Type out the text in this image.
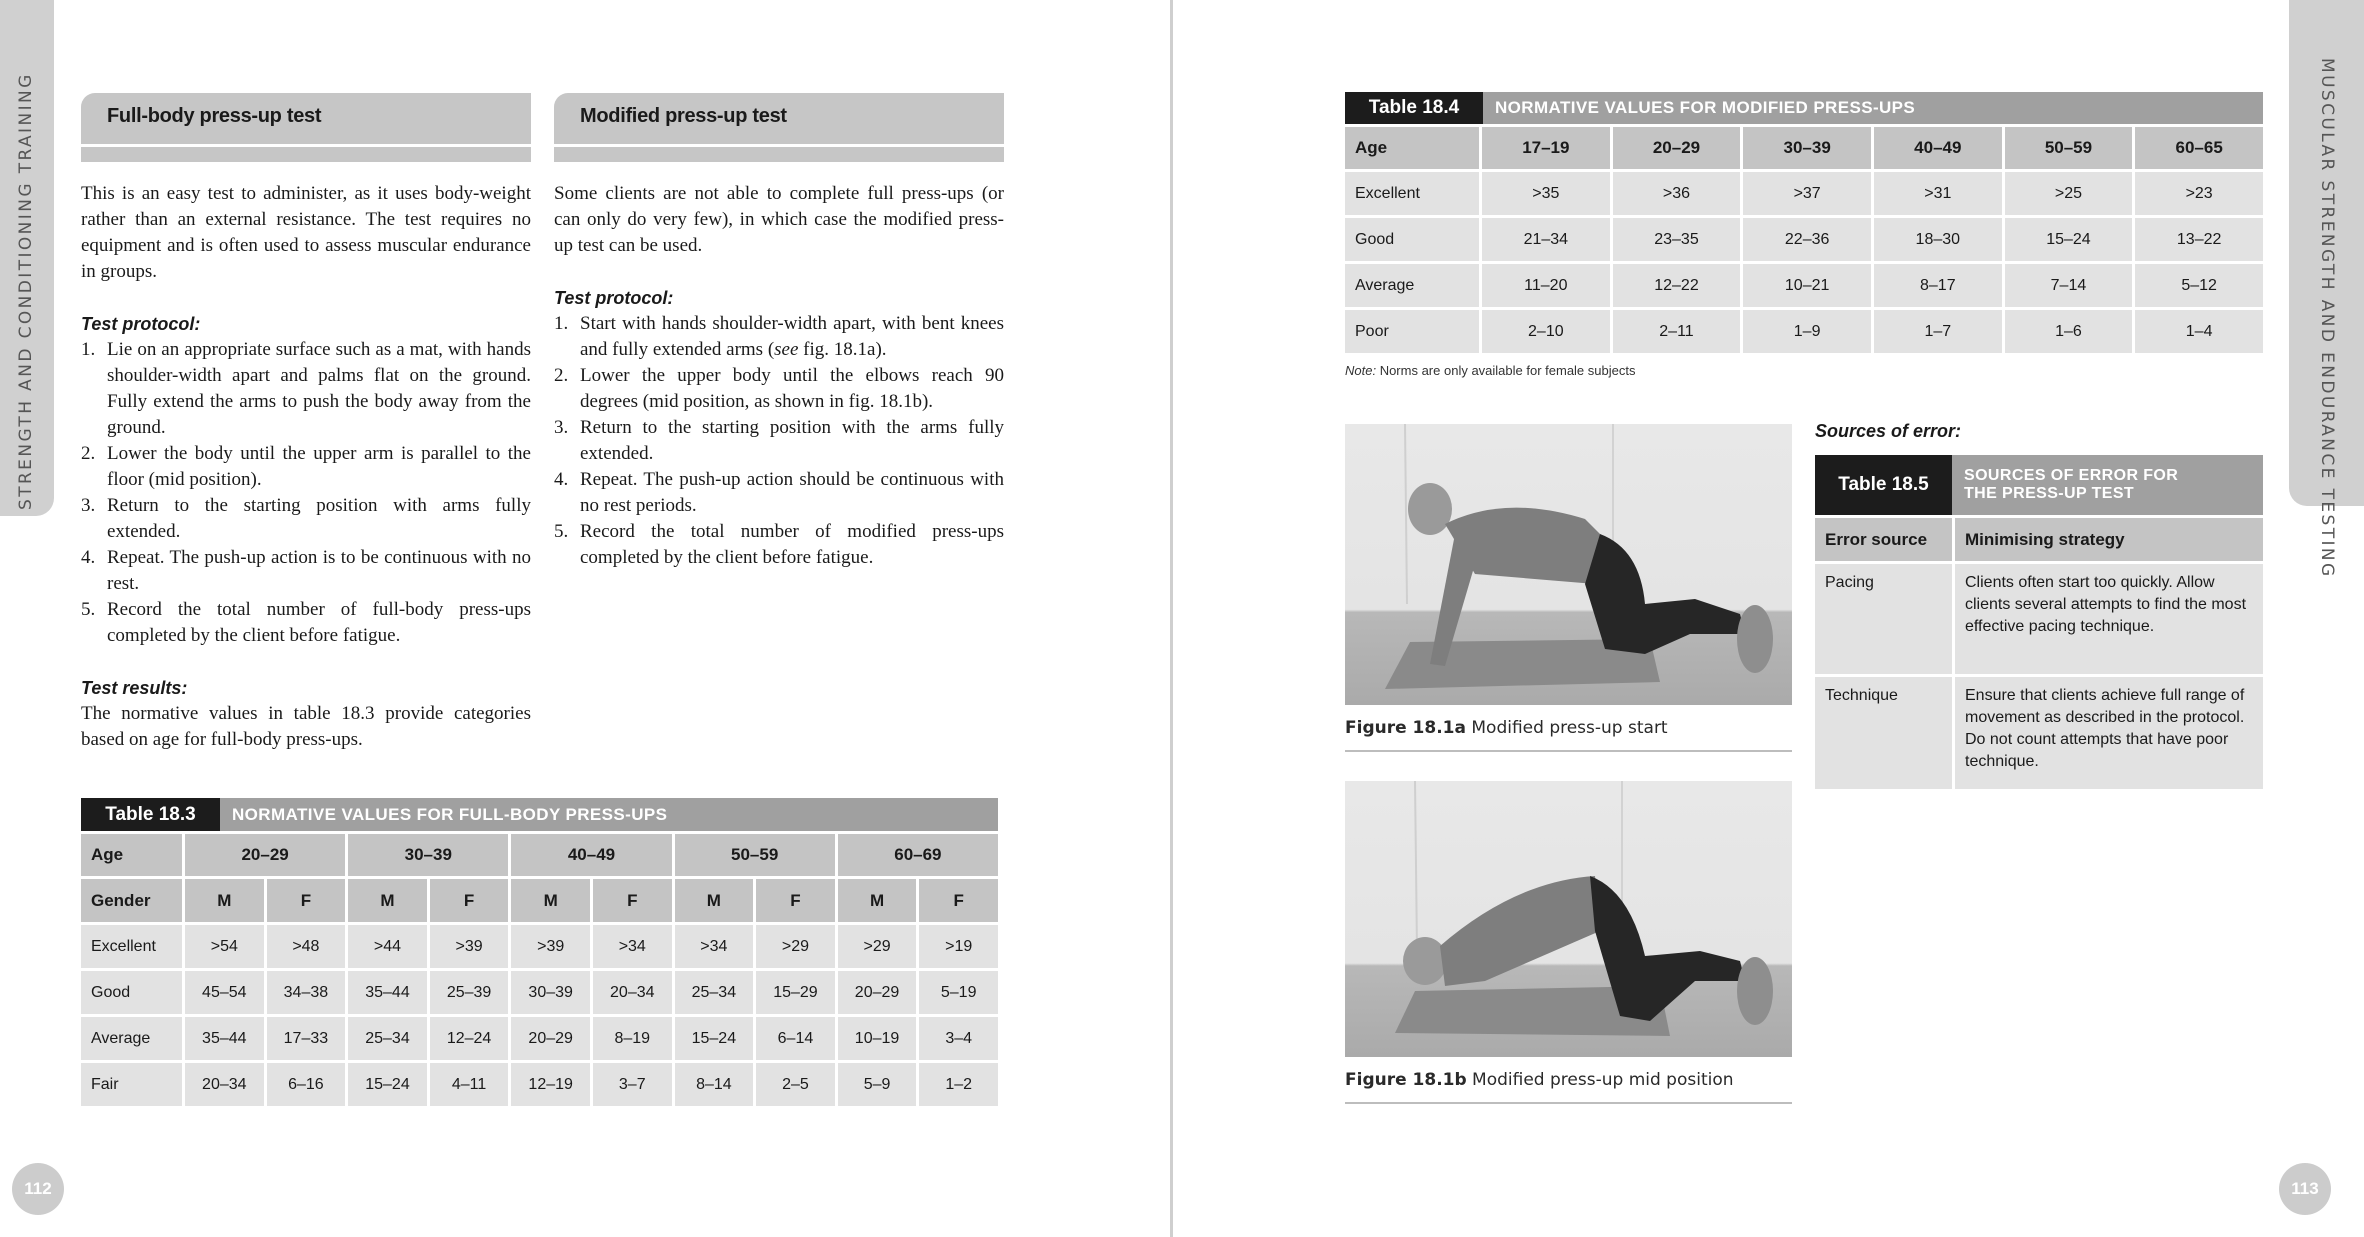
STRENGTH AND CONDITIONING TRAINING	Full-body press-up test	Modified press-up test

This is an easy test to administer, as it uses body-weight rather than an external resistance. The test requires no equipment and is often used to assess muscular endurance in groups.

Test protocol:
1. Lie on an appropriate surface such as a mat, with hands shoulder-width apart and palms flat on the ground. Fully extend the arms to push the body away from the ground.
2. Lower the body until the upper arm is parallel to the floor (mid position).
3. Return to the starting position with arms fully extended.
4. Repeat. The push-up action is to be continuous with no rest.
5. Record the total number of full-body press-ups completed by the client before fatigue.
Test results:

The normative values in table 18.3 provide categories based on age for full-body press-ups.

Some clients are not able to complete full press-ups (or can only do very few), in which case the modified press-up test can be used.

Test protocol:
1. Start with hands shoulder-width apart, with bent knees and fully extended arms (see fig. 18.1a).
2. Lower the upper body until the elbows reach 90 degrees (mid position, as shown in fig. 18.1b).
3. Return to the starting position with the arms fully extended.
4. Repeat. The push-up action should be continuous with no rest periods.
5. Record the total number of modified press-ups completed by the client before fatigue.
Table 18.3	NORMATIVE VALUES FOR FULL-BODY PRESS-UPS
Age	20–29		30–39		40–49		50–59		60–69	
Gender	M	F	M	F	M	F	M	F	M	F
Excellent	>54	>48	>44	>39	>39	>34	>34	>29	>29	>19
Good	45–54	34–38	35–44	25–39	30–39	20–34	25–34	15–29	20–29	5–19
Average	35–44	17–33	25–34	12–24	20–29	8–19	15–24	6–14	10–19	3–4
Fair	20–34	6–16	15–24	4–11	12–19	3–7	8–14	2–5	5–9	1–2
112
MUSCULAR STRENGTH AND ENDURANCE TESTING
Table 18.4	NORMATIVE VALUES FOR MODIFIED PRESS-UPS
Age	17–19	20–29	30–39	40–49	50–59	60–65
Excellent	>35	>36	>37	>31	>25	>23
Good	21–34	23–35	22–36	18–30	15–24	13–22
Average	11–20	12–22	10–21	8–17	7–14	5–12
Poor	2–10	2–11	1–9	1–7	1–6	1–4
Note: Norms are only available for female subjects
Figure 18.1a Modified press-up start
Figure 18.1b Modified press-up mid position
Sources of error:
Table 18.5	SOURCES OF ERROR FOR
THE PRESS-UP TEST
Error source	Minimising strategy
Pacing	Clients often start too quickly. Allow clients several attempts to find the most effective pacing technique.
Technique	Ensure that clients achieve full range of movement as described in the protocol. Do not count attempts that have poor technique.
113
